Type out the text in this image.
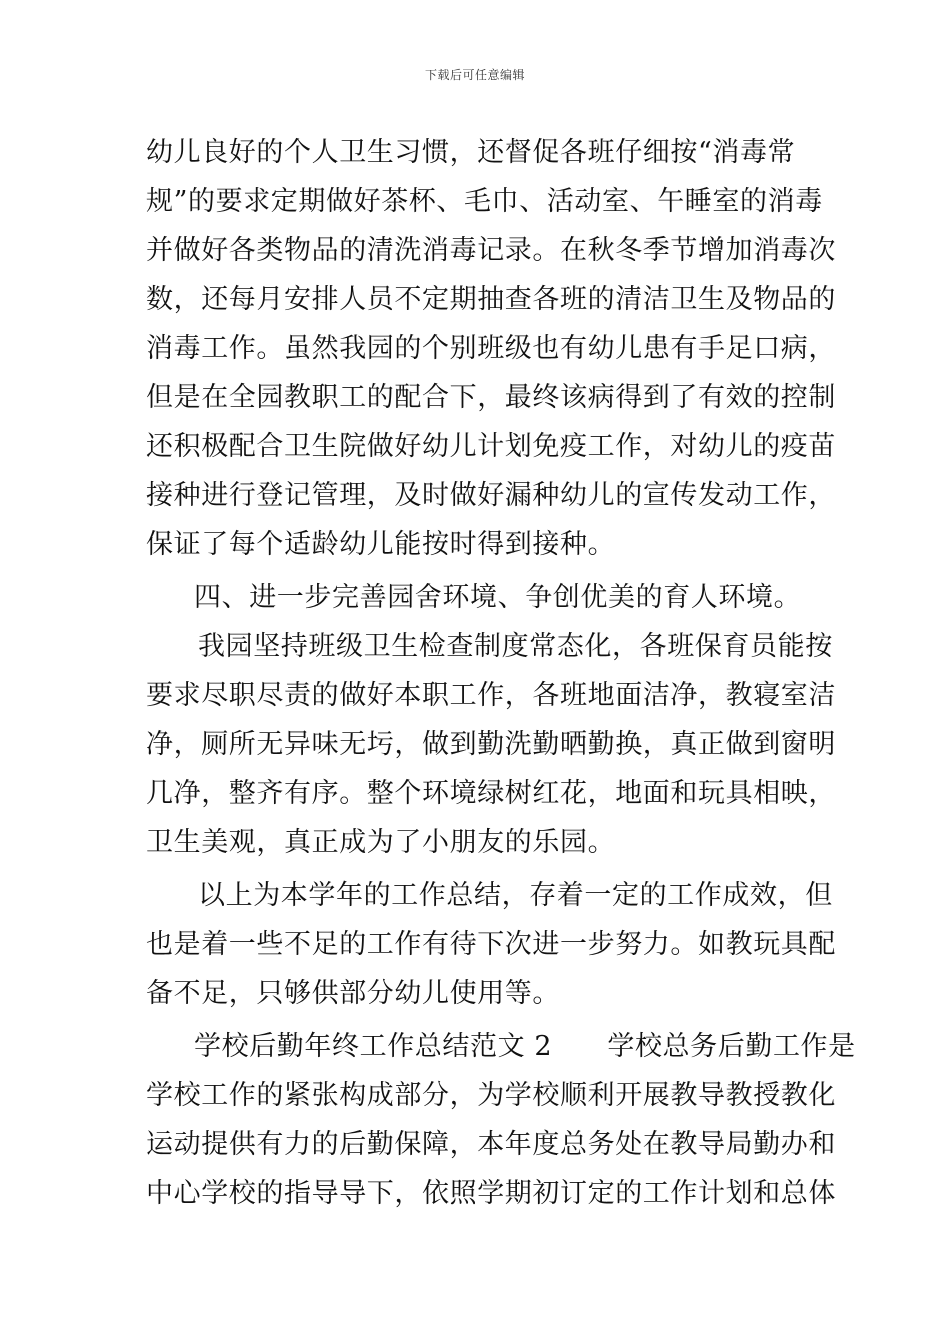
下载后可任意编辑
幼儿良好的个人卫生习惯，还督促各班仔细按“消毒常
规”的要求定期做好茶杯、毛巾、活动室、午睡室的消毒
并做好各类物品的清洗消毒记录。在秋冬季节增加消毒次
数，还每月安排人员不定期抽查各班的清洁卫生及物品的
消毒工作。虽然我园的个别班级也有幼儿患有手足口病，
但是在全园教职工的配合下，最终该病得到了有效的控制
还积极配合卫生院做好幼儿计划免疫工作，对幼儿的疫苗
接种进行登记管理，及时做好漏种幼儿的宣传发动工作，
保证了每个适龄幼儿能按时得到接种。
四、进一步完善园舍环境、争创优美的育人环境。
我园坚持班级卫生检查制度常态化，各班保育员能按
要求尽职尽责的做好本职工作，各班地面洁净，教寝室洁
净，厕所无异味无圬，做到勤洗勤晒勤换，真正做到窗明
几净，整齐有序。整个环境绿树红花，地面和玩具相映，
卫生美观，真正成为了小朋友的乐园。
以上为本学年的工作总结，存着一定的工作成效，但
也是着一些不足的工作有待下次进一步努力。如教玩具配
备不足，只够供部分幼儿使用等。
学校后勤年终工作总结范文 2　　学校总务后勤工作是
学校工作的紧张构成部分，为学校顺利开展教导教授教化
运动提供有力的后勤保障，本年度总务处在教导局勤办和
中心学校的指导导下，依照学期初订定的工作计划和总体
